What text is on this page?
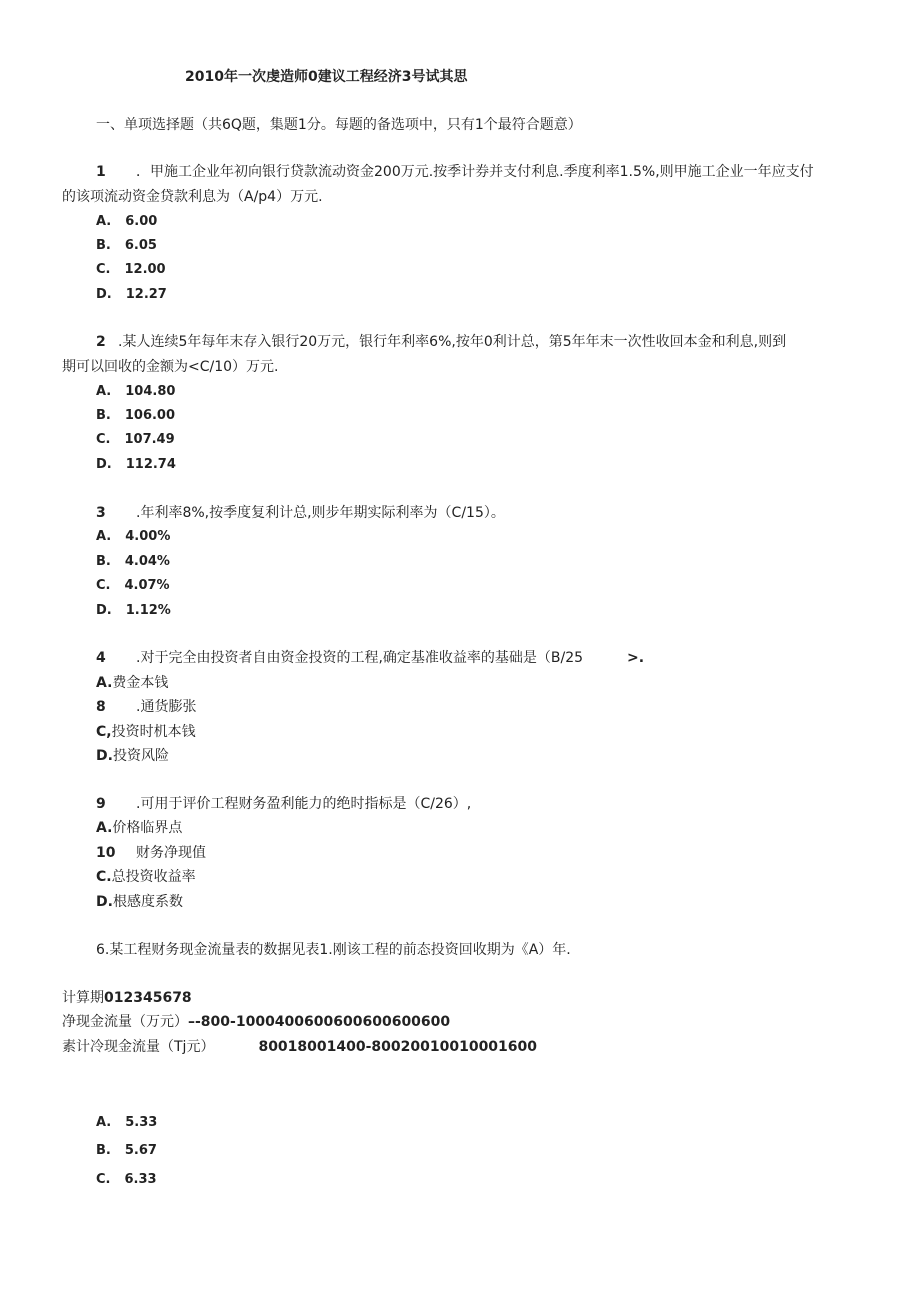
2010年一次虔造师0建议工程经济3号试其思
一、单项选择题（共6Q题，集题1分。每题的备选项中，只有1个最符合题意）
1 ．甲施工企业年初向银行贷款流动资金200万元.按季计券并支付利息.季度利率1.5%,则甲施工企业一年应支付
的该项流动资金贷款利息为（A/p4）万元.
A. 6.00
B. 6.05
C. 12.00
D. 12.27
2 .某人连续5年每年末存入银行20万元，银行年利率6%,按年0利计总，第5年年末一次性收回本金和利息,则到
期可以回收的金额为<C/10）万元.
A. 104.80
B. 106.00
C. 107.49
D. 112.74
3 .年利率8%,按季度复利计总,则步年期实际利率为（C/15）。
A. 4.00%
B. 4.04%
C. 4.07%
D. 1.12%
4 .对于完全由投资者自由资金投资的工程,确定基准收益率的基础是（B/25	>.
A.费金本钱
8 .通货膨张
C,投资时机本钱
D.投资风险
9 .可用于评价工程财务盈利能力的绝时指标是（C/26）,
A.价格临界点
10 财务净现值
C.总投资收益率
D.根感度系数
6.某工程财务现金流量表的数据见表1.刚该工程的前态投资回收期为《A）年.
计算期012345678
净现金流量（万元）–-800-1000400600600600600600
素计冷现金流量（Tj元）	80018001400-80020010010001600
A. 5.33
B. 5.67
C. 6.33
